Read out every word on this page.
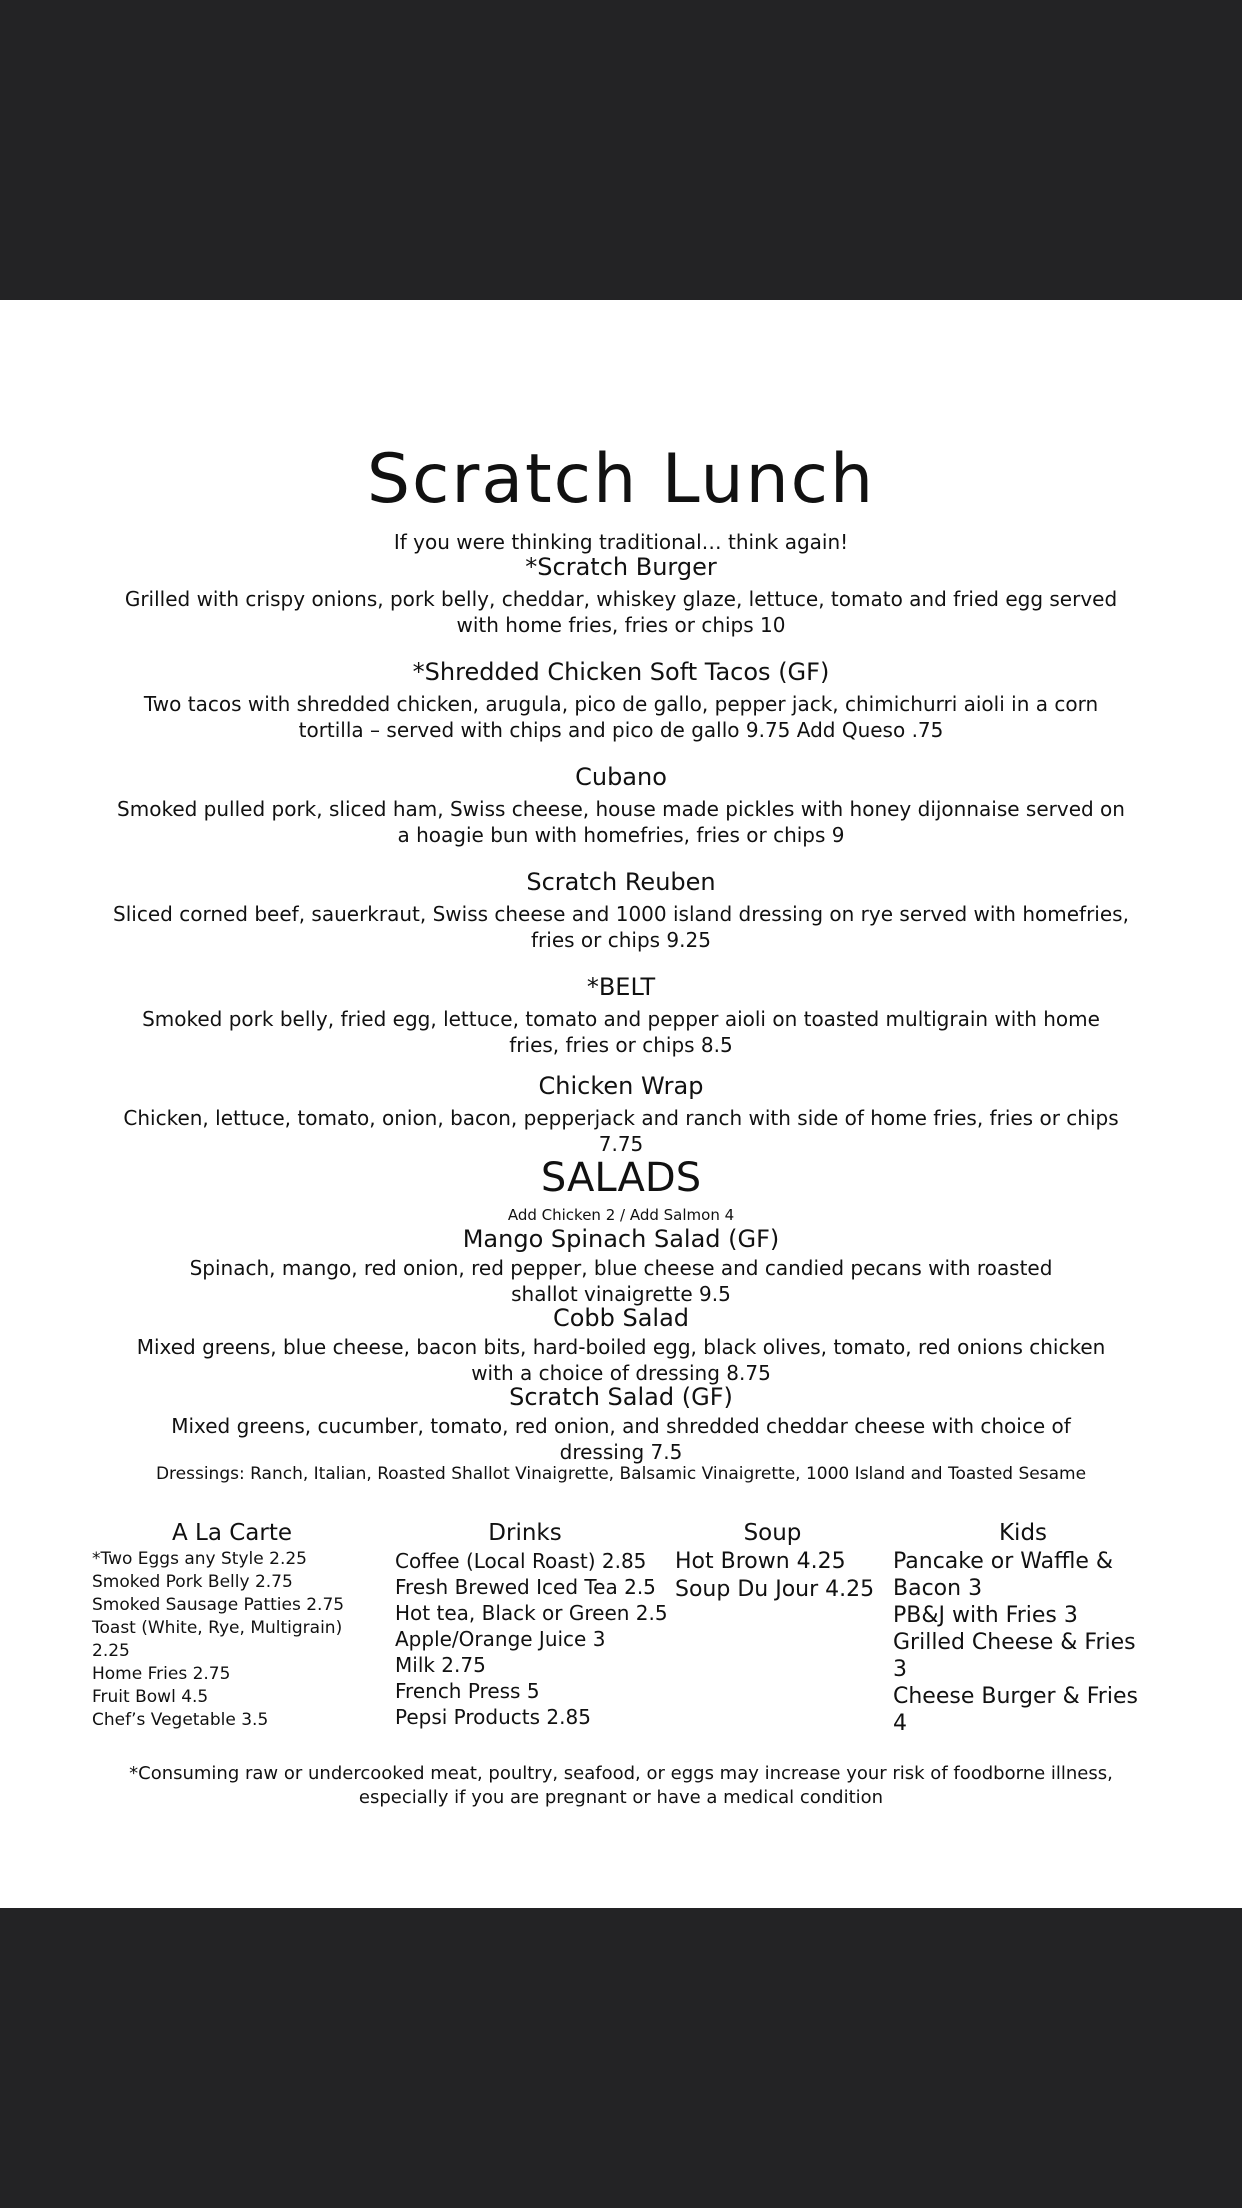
Scratch Lunch
If you were thinking traditional… think again!
*Scratch Burger
Grilled with crispy onions, pork belly, cheddar, whiskey glaze, lettuce, tomato and fried egg served
with home fries, fries or chips 10
*Shredded Chicken Soft Tacos (GF)
Two tacos with shredded chicken, arugula, pico de gallo, pepper jack, chimichurri aioli in a corn
tortilla – served with chips and pico de gallo 9.75 Add Queso .75
Cubano
Smoked pulled pork, sliced ham, Swiss cheese, house made pickles with honey dijonnaise served on
a hoagie bun with homefries, fries or chips 9
Scratch Reuben
Sliced corned beef, sauerkraut, Swiss cheese and 1000 island dressing on rye served with homefries,
fries or chips 9.25
*BELT
Smoked pork belly, fried egg, lettuce, tomato and pepper aioli on toasted multigrain with home
fries, fries or chips 8.5
Chicken Wrap
Chicken, lettuce, tomato, onion, bacon, pepperjack and ranch with side of home fries, fries or chips
7.75
SALADS
Add Chicken 2 / Add Salmon 4
Mango Spinach Salad (GF)
Spinach, mango, red onion, red pepper, blue cheese and candied pecans with roasted
shallot vinaigrette 9.5
Cobb Salad
Mixed greens, blue cheese, bacon bits, hard-boiled egg, black olives, tomato, red onions chicken
with a choice of dressing 8.75
Scratch Salad (GF)
Mixed greens, cucumber, tomato, red onion, and shredded cheddar cheese with choice of
dressing 7.5
Dressings: Ranch, Italian, Roasted Shallot Vinaigrette, Balsamic Vinaigrette, 1000 Island and Toasted Sesame
A La Carte
*Two Eggs any Style 2.25
Smoked Pork Belly 2.75
Smoked Sausage Patties 2.75
Toast (White, Rye, Multigrain)
2.25
Home Fries 2.75
Fruit Bowl 4.5
Chef’s Vegetable 3.5
Drinks
Coffee (Local Roast) 2.85
Fresh Brewed Iced Tea 2.5
Hot tea, Black or Green 2.5
Apple/Orange Juice 3
Milk 2.75
French Press 5
Pepsi Products 2.85
Soup
Hot Brown 4.25
Soup Du Jour 4.25
Kids
Pancake or Waffle &
Bacon 3
PB&J with Fries 3
Grilled Cheese & Fries 3
Cheese Burger & Fries 4
*Consuming raw or undercooked meat, poultry, seafood, or eggs may increase your risk of foodborne illness,
especially if you are pregnant or have a medical condition
